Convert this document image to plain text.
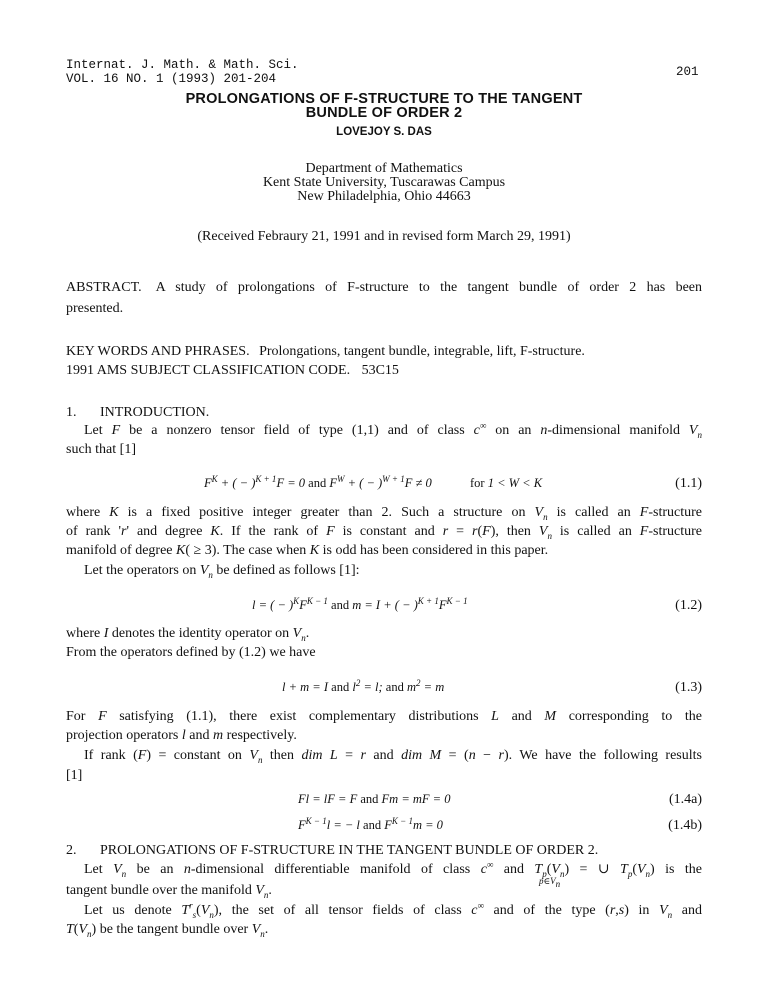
Internat. J. Math. & Math. Sci.
VOL. 16 NO. 1 (1993) 201-204	201
PROLONGATIONS OF F-STRUCTURE TO THE TANGENT
BUNDLE OF ORDER 2
LOVEJOY S. DAS
Department of Mathematics
Kent State University, Tuscarawas Campus
New Philadelphia, Ohio 44663
(Received Febraury 21, 1991 and in revised form March 29, 1991)
ABSTRACT. A study of prolongations of F-structure to the tangent bundle of order 2 has been
presented.
KEY WORDS AND PHRASES. Prolongations, tangent bundle, integrable, lift, F-structure.
1991 AMS SUBJECT CLASSIFICATION CODE. 53C15
1. INTRODUCTION.
Let F be a nonzero tensor field of type (1,1) and of class c∞ on an n-dimensional manifold $V_n$
such that [1]
$F^K$ + ( − )$^{K + 1}$F = 0 and $F^W$ + ( − )$^{W + 1}$F ≠ 0	for 1 < W < K	(1.1)
where K is a fixed positive integer greater than 2. Such a structure on $V_n$ is called an F-structure
of rank 'r' and degree K. If the rank of F is constant and r = r(F), then $V_n$ is called an F-structure
manifold of degree K( ≥ 3). The case when K is odd has been considered in this paper.
Let the operators on $V_n$ be defined as follows [1]:
l = ( − )$^KF^{K - 1}$ and m = I + ( − )$^{K + 1}F^{K - 1}$	(1.2)
where I denotes the identity operator on $V_n$.
From the operators defined by (1.2) we have
l + m = I and $l^2 = l$; and $m^2 = m$	(1.3)
For F satisfying (1.1), there exist complementary distributions L and M corresponding to the
projection operators l and m respectively.
If rank (F) = constant on $V_n$ then dim L = r and dim M = (n − r). We have the following results
[1]
Fl = lF = F and Fm = mF = 0	(1.4a)
$F^{K - 1}l$ = − l and $F^{K - 1}m = 0$	(1.4b)
2. PROLONGATIONS OF F-STRUCTURE IN THE TANGENT BUNDLE OF ORDER 2.
Let $V_n$ be an n-dimensional differentiable manifold of class c∞ and $T_p(V_n)$ = ∪ $T_p(V_n)$ is the
$p\in V_n$
tangent bundle over the manifold $V_n$.
Let us denote $T^r_s(V_n)$, the set of all tensor fields of class c∞ and of the type (r,s) in $V_n$ and
$T(V_n)$ be the tangent bundle over $V_n$.
